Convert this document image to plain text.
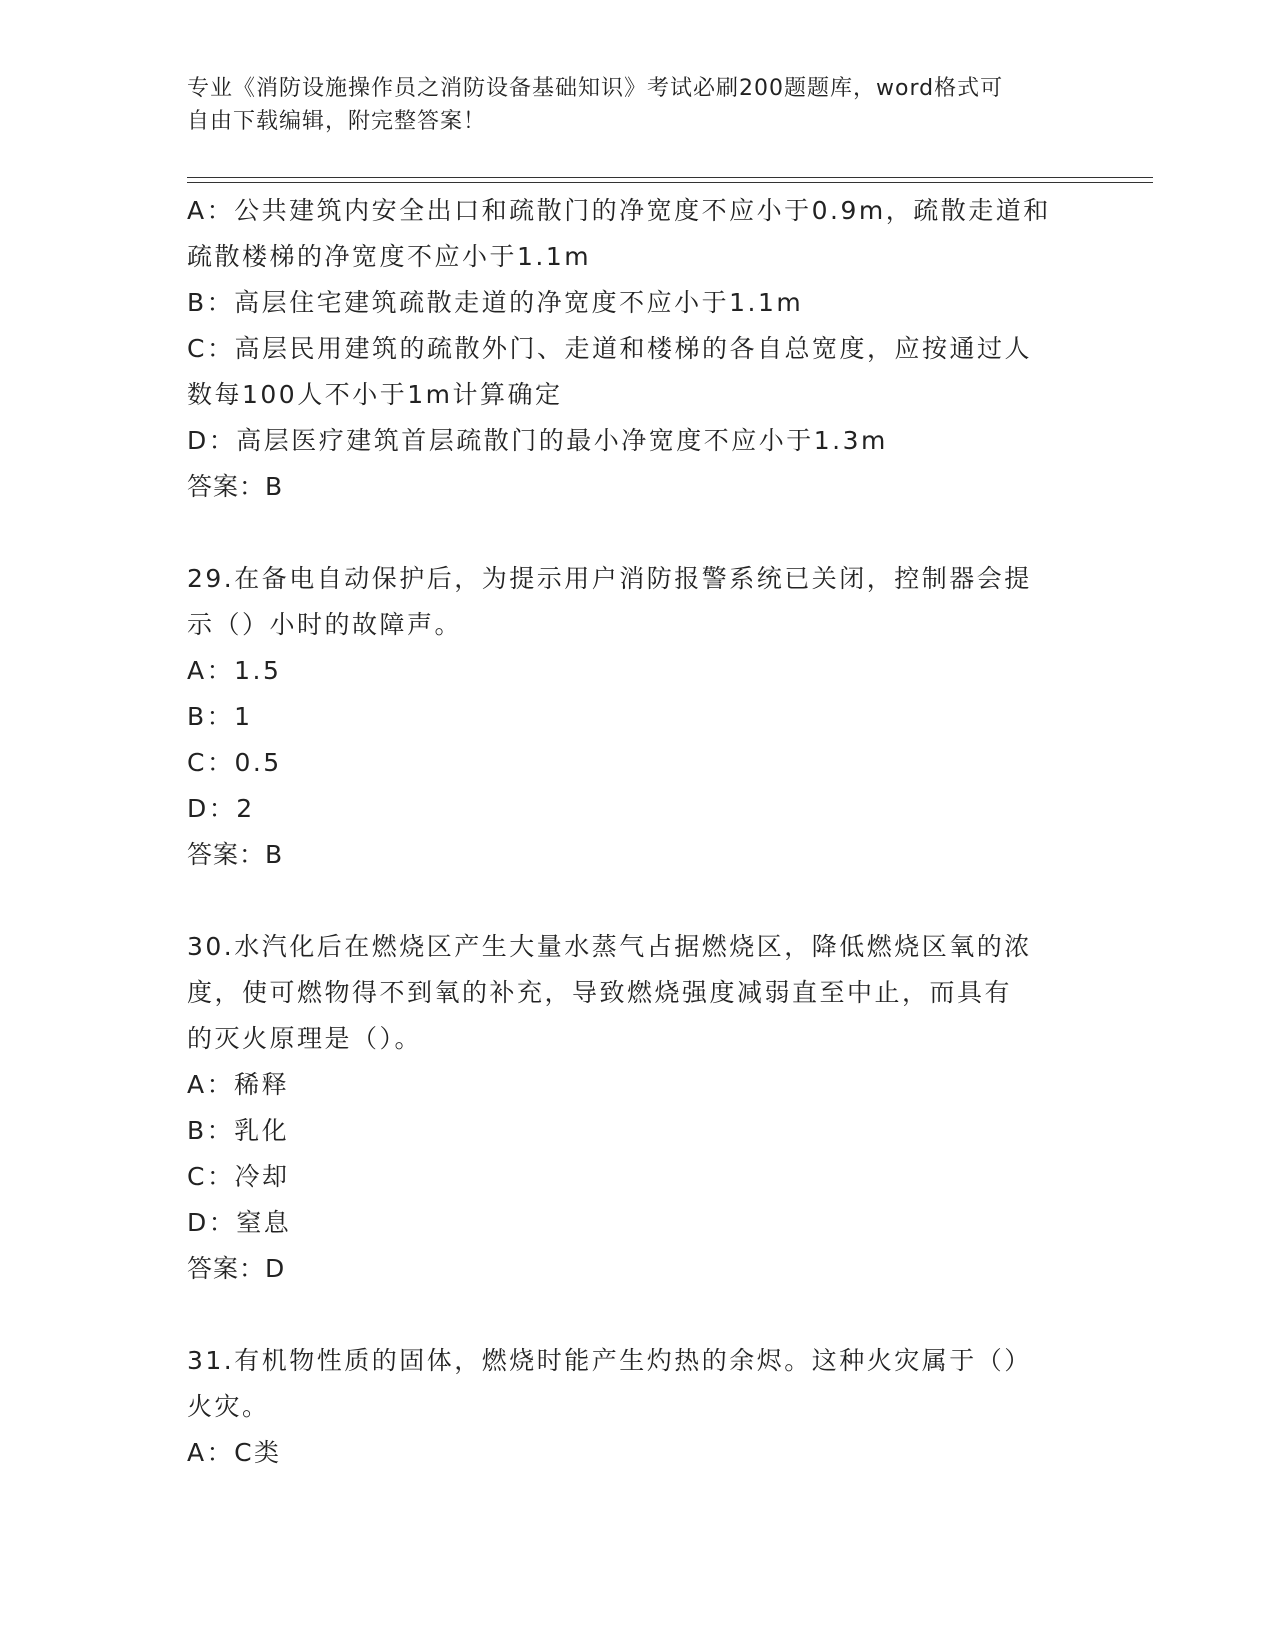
专业《消防设施操作员之消防设备基础知识》考试必刷200题题库，word格式可
自由下载编辑，附完整答案！
A：公共建筑内安全出口和疏散门的净宽度不应小于0.9m，疏散走道和
疏散楼梯的净宽度不应小于1.1m
B：高层住宅建筑疏散走道的净宽度不应小于1.1m
C：高层民用建筑的疏散外门、走道和楼梯的各自总宽度，应按通过人
数每100人不小于1m计算确定
D：高层医疗建筑首层疏散门的最小净宽度不应小于1.3m
答案：B
29.在备电自动保护后，为提示用户消防报警系统已关闭，控制器会提
示（）小时的故障声。
A：1.5
B：1
C：0.5
D：2
答案：B
30.水汽化后在燃烧区产生大量水蒸气占据燃烧区，降低燃烧区氧的浓
度，使可燃物得不到氧的补充，导致燃烧强度减弱直至中止，而具有
的灭火原理是（）。
A：稀释
B：乳化
C：冷却
D：窒息
答案：D
31.有机物性质的固体，燃烧时能产生灼热的余烬。这种火灾属于（）
火灾。
A：C类
